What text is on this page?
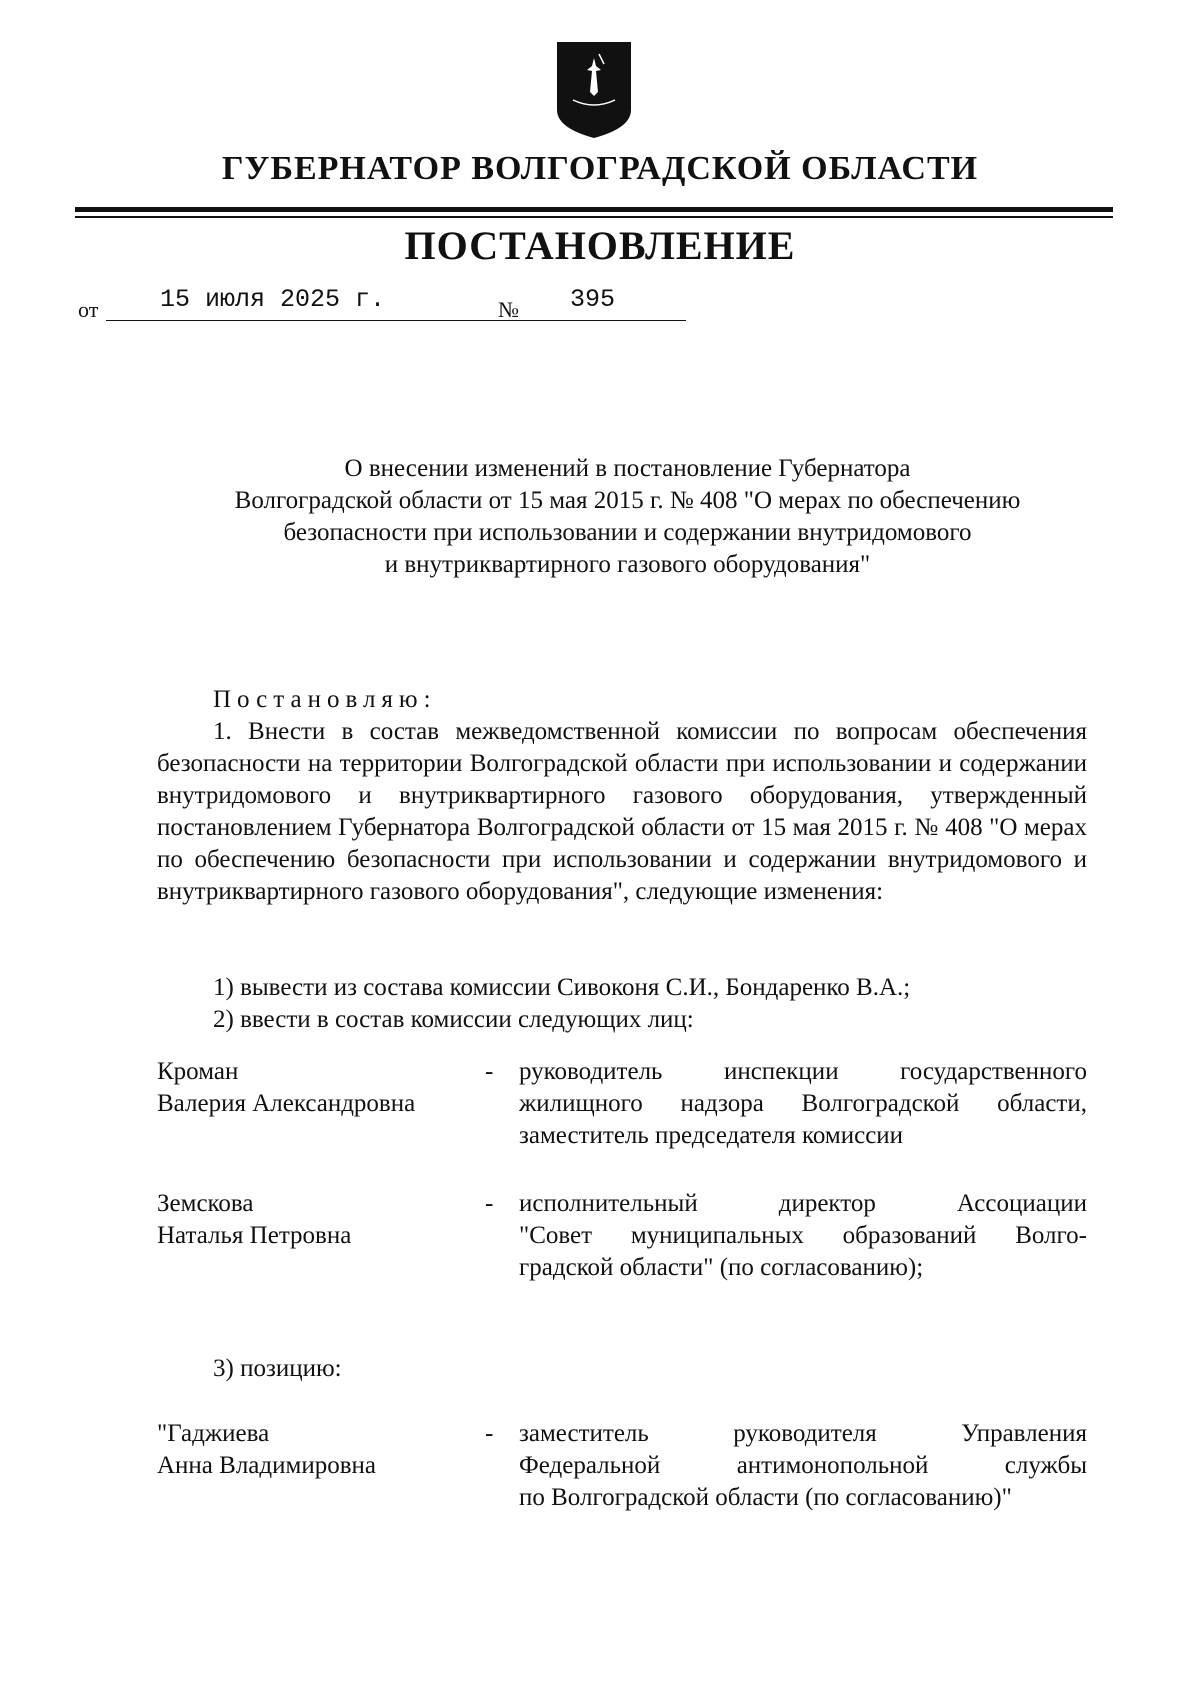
ГУБЕРНАТОР ВОЛГОГРАДСКОЙ ОБЛАСТИ
ПОСТАНОВЛЕНИЕ
от 15 июля 2025 г.	№ 395
О внесении изменений в постановление Губернатора
Волгоградской области от 15 мая 2015 г. № 408 "О мерах по обеспечению
безопасности при использовании и содержании внутридомового
и внутриквартирного газового оборудования"
Постановляю:
1. Внести в состав межведомственной комиссии по вопросам обеспечения безопасности на территории Волгоградской области при использовании и содержании внутридомового и внутриквартирного газового оборудования, утвержденный постановлением Губернатора Волгоградской области от 15 мая 2015 г. № 408 "О мерах по обеспечению безопасности при использовании и содержании внутридомового и внутриквартирного газового оборудования", следующие изменения:
1) вывести из состава комиссии Сивоконя С.И., Бондаренко В.А.;
2) ввести в состав комиссии следующих лиц:
Кроман
Валерия Александровна
- руководитель инспекции государственного
жилищного надзора Волгоградской области,
заместитель председателя комиссии
Земскова
Наталья Петровна
- исполнительный директор Ассоциации
"Совет муниципальных образований Волго-
градской области" (по согласованию);
3) позицию:
"Гаджиева
Анна Владимировна
- заместитель руководителя Управления
Федеральной антимонопольной службы
по Волгоградской области (по согласованию)"
